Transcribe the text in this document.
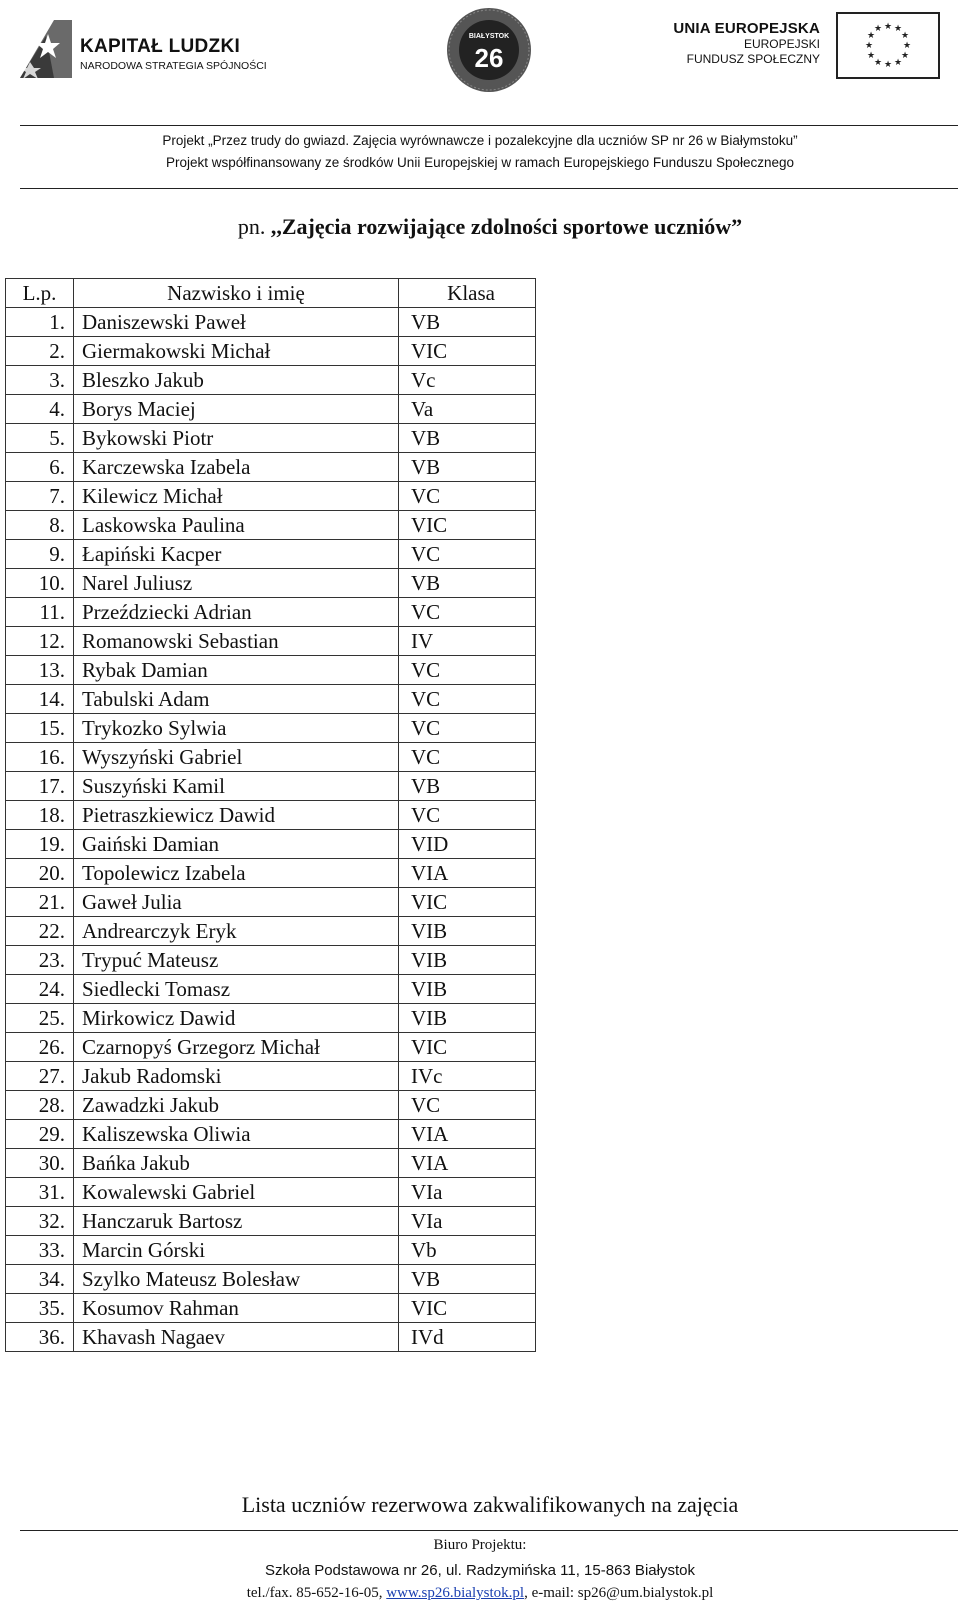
KAPITAŁ LUDZKI
NARODOWA STRATEGIA SPÓJNOŚCI
BIAŁYSTOK
26
UNIA EUROPEJSKA
EUROPEJSKI
FUNDUSZ SPOŁECZNY
★ ★
★
★
★
★
★
★
★
★
★
★
Projekt „Przez trudy do gwiazd. Zajęcia wyrównawcze i pozalekcyjne dla uczniów SP nr 26 w Białymstoku”
Projekt współfinansowany ze środków Unii Europejskiej w ramach Europejskiego Funduszu Społecznego
pn. ,,Zajęcia rozwijające zdolności sportowe uczniów”
L.p.	Nazwisko i imię	Klasa
1.	Daniszewski Paweł	VB
2.	Giermakowski Michał	VIC
3.	Bleszko Jakub	Vc
4.	Borys Maciej	Va
5.	Bykowski Piotr	VB
6.	Karczewska Izabela	VB
7.	Kilewicz Michał	VC
8.	Laskowska Paulina	VIC
9.	Łapiński Kacper	VC
10.	Narel Juliusz	VB
11.	Przeździecki Adrian	VC
12.	Romanowski Sebastian	IV
13.	Rybak Damian	VC
14.	Tabulski Adam	VC
15.	Trykozko Sylwia	VC
16.	Wyszyński Gabriel	VC
17.	Suszyński Kamil	VB
18.	Pietraszkiewicz Dawid	VC
19.	Gaiński Damian	VID
20.	Topolewicz Izabela	VIA
21.	Gaweł Julia	VIC
22.	Andrearczyk Eryk	VIB
23.	Trypuć Mateusz	VIB
24.	Siedlecki Tomasz	VIB
25.	Mirkowicz Dawid	VIB
26.	Czarnopyś Grzegorz Michał	VIC
27.	Jakub Radomski	IVc
28.	Zawadzki Jakub	VC
29.	Kaliszewska Oliwia	VIA
30.	Bańka Jakub	VIA
31.	Kowalewski Gabriel	VIa
32.	Hanczaruk Bartosz	VIa
33.	Marcin Górski	Vb
34.	Szylko Mateusz Bolesław	VB
35.	Kosumov Rahman	VIC
36.	Khavash Nagaev	IVd
Lista uczniów rezerwowa zakwalifikowanych na zajęcia
Biuro Projektu:
Szkoła Podstawowa nr 26, ul. Radzymińska 11, 15-863 Białystok
tel./fax. 85-652-16-05, www.sp26.bialystok.pl, e-mail: sp26@um.bialystok.pl
